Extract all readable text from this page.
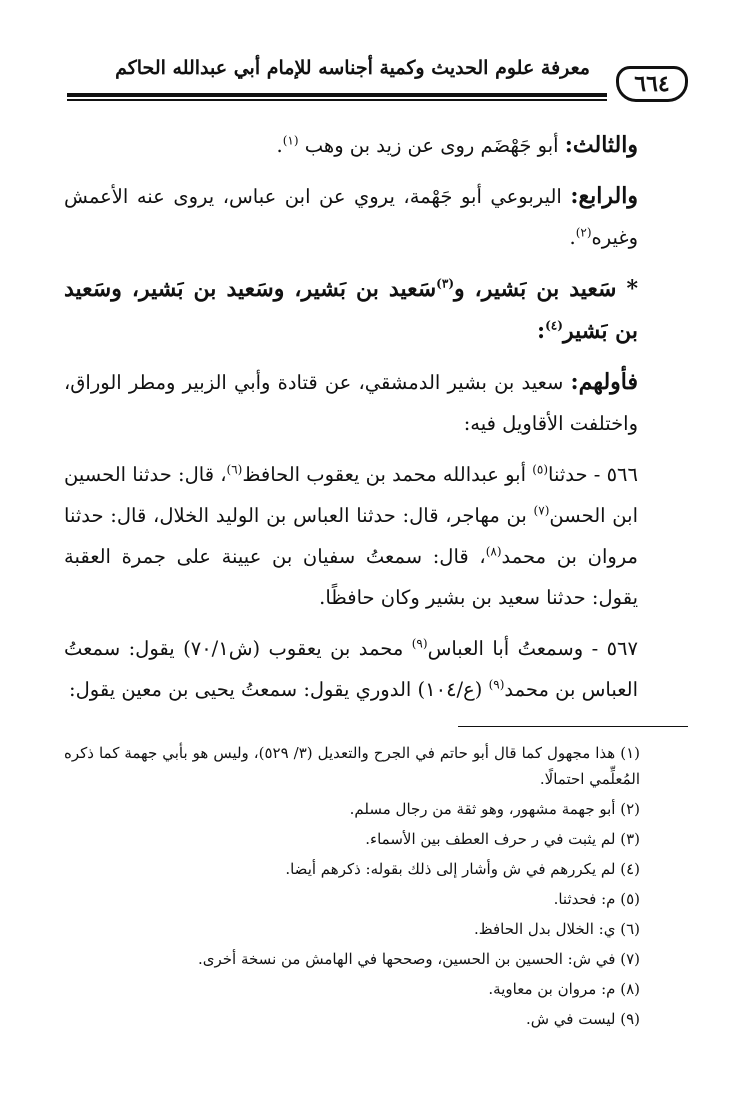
معرفة علوم الحديث وكمية أجناسه للإمام أبي عبدالله الحاكم
٦٦٤

والثالث: أبو جَهْضَم روى عن زيد بن وهب $^{(١)}$.

والرابع: اليربوعي أبو جَهْمة، يروي عن ابن عباس، يروى عنه الأعمش وغيره$^{(٢)}$.

* سَعيد بن بَشير، و$^{(٣)}$سَعيد بن بَشير، وسَعيد بن بَشير، وسَعيد بن بَشير$^{(٤)}$:

فأولهم: سعيد بن بشير الدمشقي، عن قتادة وأبي الزبير ومطر الوراق، واختلفت الأقاويل فيه:

٥٦٦ - حدثنا$^{(٥)}$ أبو عبدالله محمد بن يعقوب الحافظ$^{(٦)}$، قال: حدثنا الحسين ابن الحسن$^{(٧)}$ بن مهاجر، قال: حدثنا العباس بن الوليد الخلال، قال: حدثنا مروان بن محمد$^{(٨)}$، قال: سمعتُ سفيان بن عيينة على جمرة العقبة يقول: حدثنا سعيد بن بشير وكان حافظًا.

٥٦٧ - وسمعتُ أبا العباس$^{(٩)}$ محمد بن يعقوب (ش٧٠/١) يقول: سمعتُ العباس بن محمد$^{(٩)}$ (ع/١٠٤) الدوري يقول: سمعتُ يحيى بن معين يقول:

(١) هذا مجهول كما قال أبو حاتم في الجرح والتعديل (٣/ ٥٢٩)، وليس هو بأبي جهمة كما ذكره المُعلِّمي احتمالًا.

(٢) أبو جهمة مشهور، وهو ثقة من رجال مسلم.

(٣) لم يثبت في ر حرف العطف بين الأسماء.

(٤) لم يكررهم في ش وأشار إلى ذلك بقوله: ذكرهم أيضا.

(٥) م: فحدثنا.

(٦) ي: الخلال بدل الحافظ.

(٧) في ش: الحسين بن الحسين، وصححها في الهامش من نسخة أخرى.

(٨) م: مروان بن معاوية.

(٩) ليست في ش.
